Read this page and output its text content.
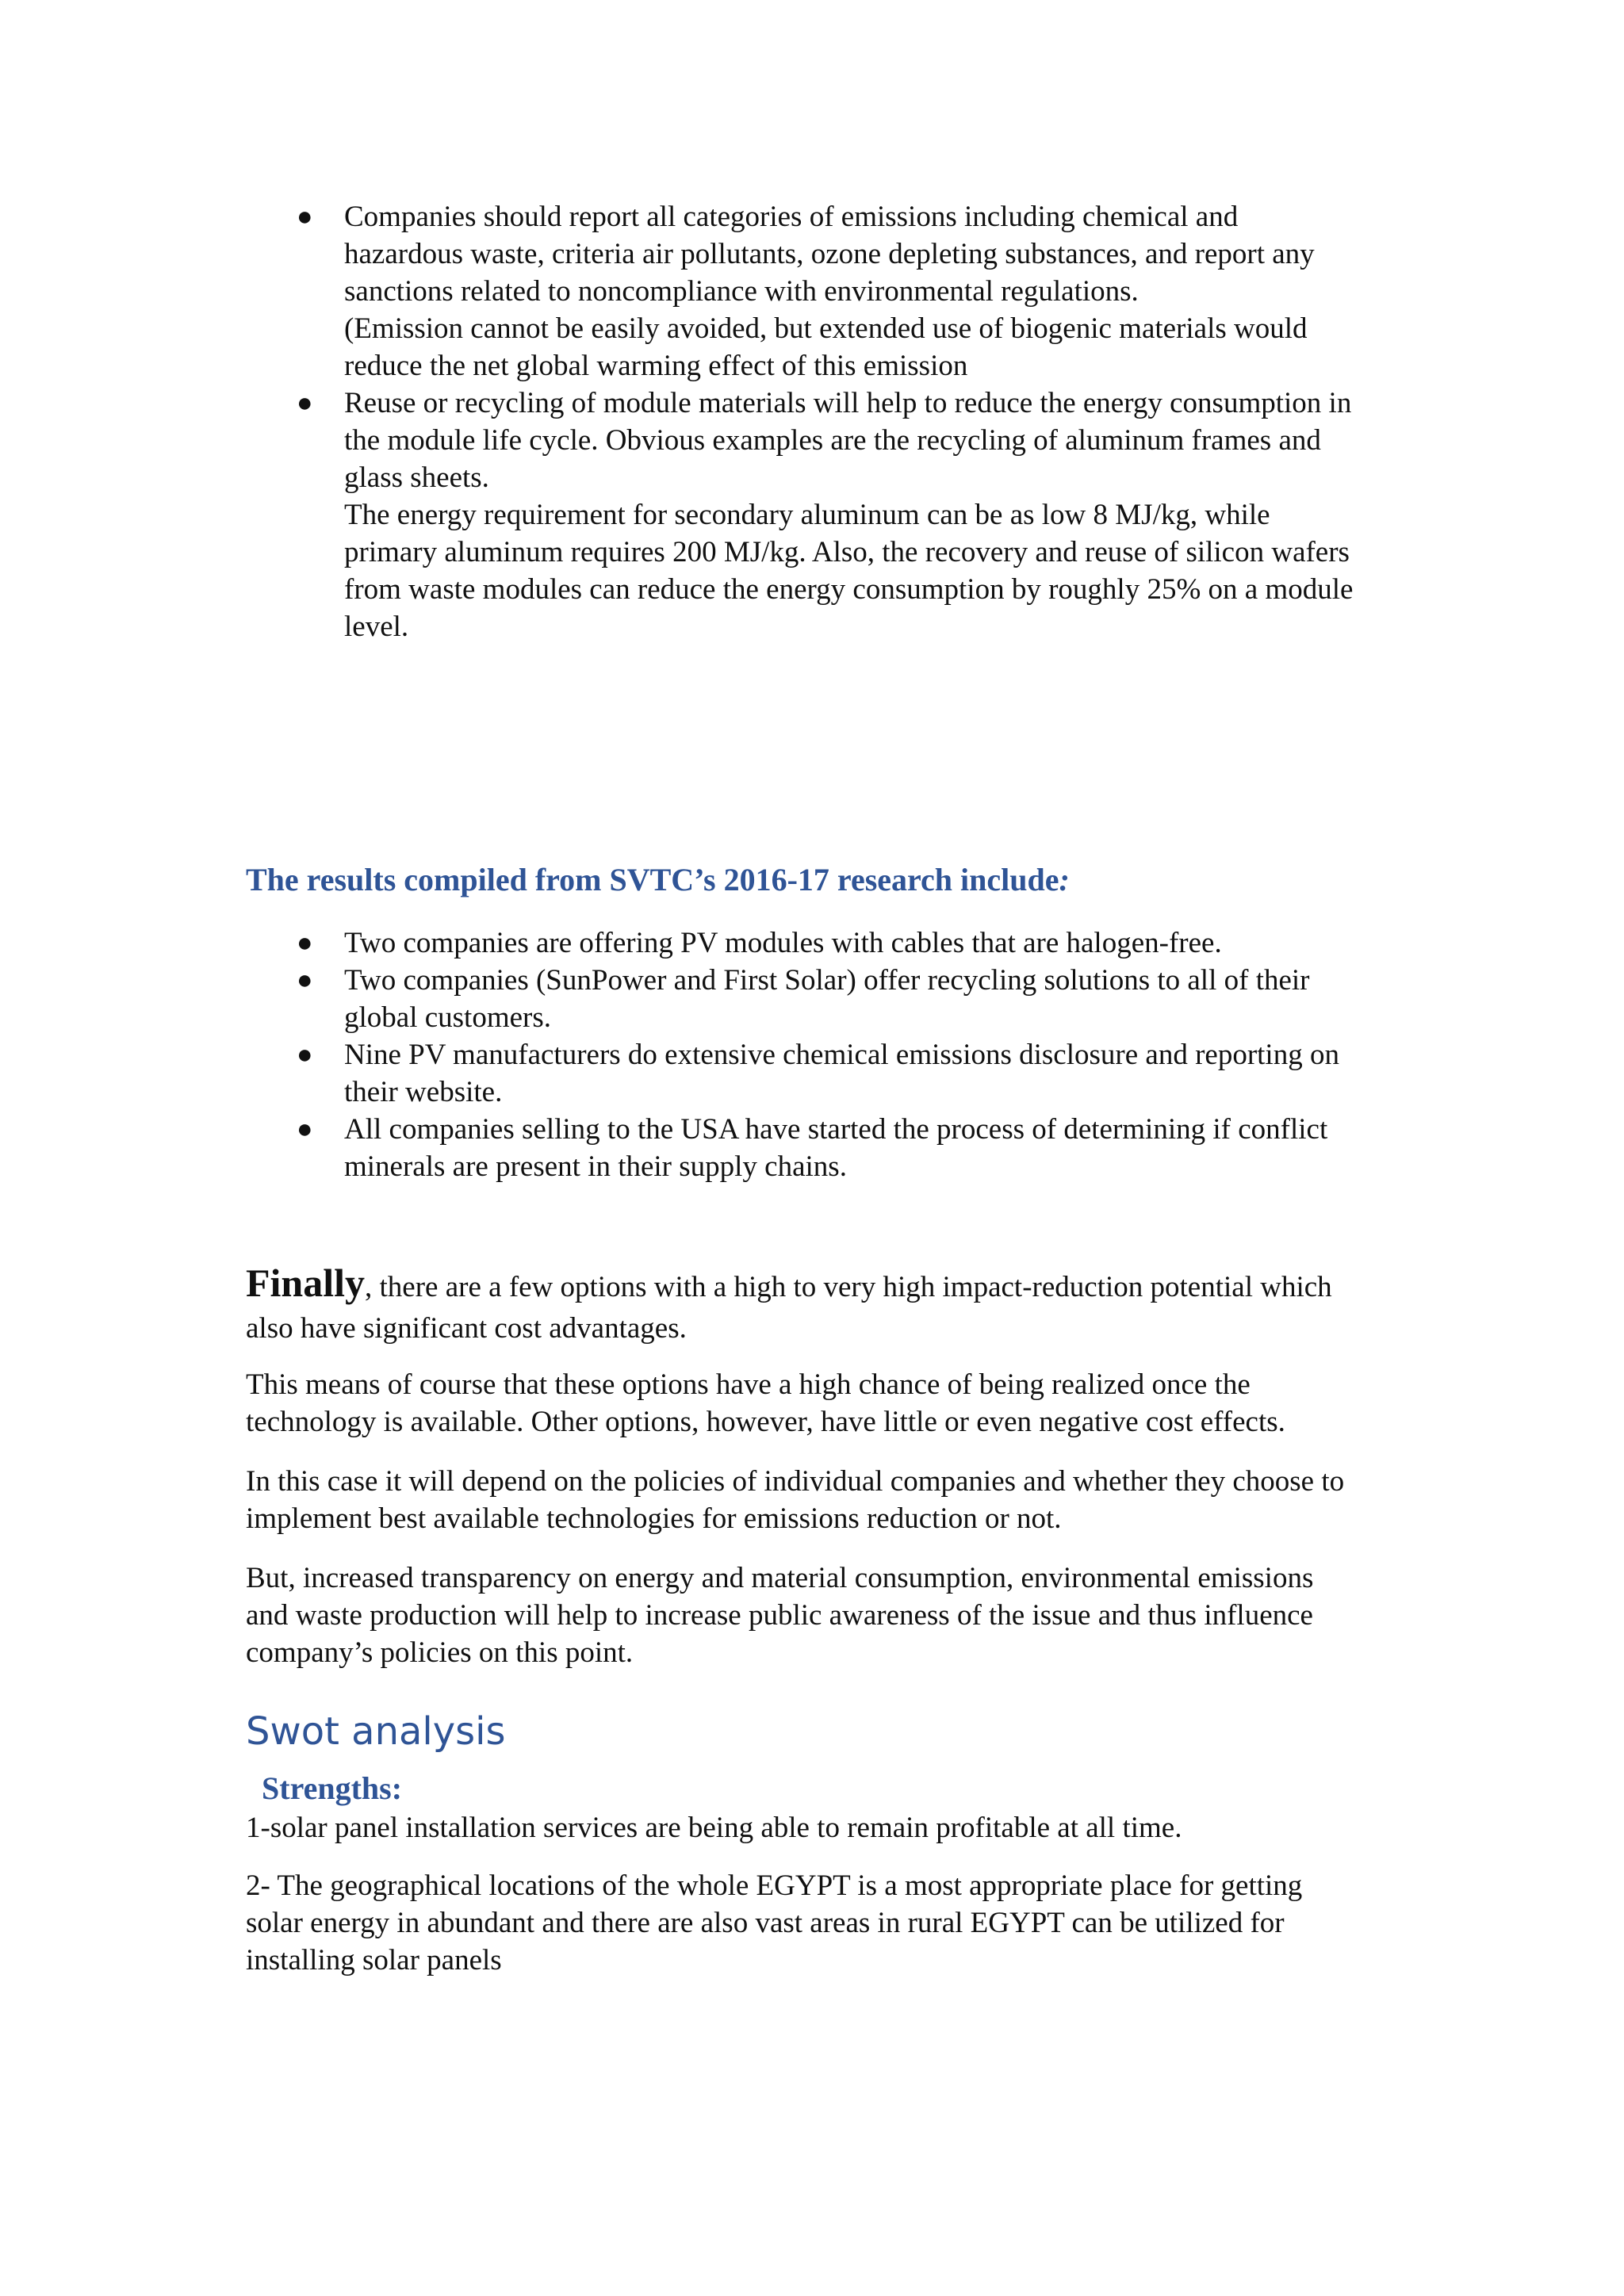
● Companies should report all categories of emissions including chemical and
hazardous waste, criteria air pollutants, ozone depleting substances, and report any
sanctions related to noncompliance with environmental regulations.
(Emission cannot be easily avoided, but extended use of biogenic materials would
reduce the net global warming effect of this emission
● Reuse or recycling of module materials will help to reduce the energy consumption in
the module life cycle. Obvious examples are the recycling of aluminum frames and
glass sheets.
The energy requirement for secondary aluminum can be as low 8 MJ/kg, while
primary aluminum requires 200 MJ/kg. Also, the recovery and reuse of silicon wafers
from waste modules can reduce the energy consumption by roughly 25% on a module
level.
The results compiled from SVTC’s 2016-17 research include:
● Two companies are offering PV modules with cables that are halogen-free.
● Two companies (SunPower and First Solar) offer recycling solutions to all of their
global customers.
● Nine PV manufacturers do extensive chemical emissions disclosure and reporting on
their website.
● All companies selling to the USA have started the process of determining if conflict
minerals are present in their supply chains.
Finally, there are a few options with a high to very high impact-reduction potential which
also have significant cost advantages.
This means of course that these options have a high chance of being realized once the
technology is available. Other options, however, have little or even negative cost effects.
In this case it will depend on the policies of individual companies and whether they choose to
implement best available technologies for emissions reduction or not.
But, increased transparency on energy and material consumption, environmental emissions
and waste production will help to increase public awareness of the issue and thus influence
company’s policies on this point.
Swot analysis
Strengths:
1-solar panel installation services are being able to remain profitable at all time.
2- The geographical locations of the whole EGYPT is a most appropriate place for getting
solar energy in abundant and there are also vast areas in rural EGYPT can be utilized for
installing solar panels
